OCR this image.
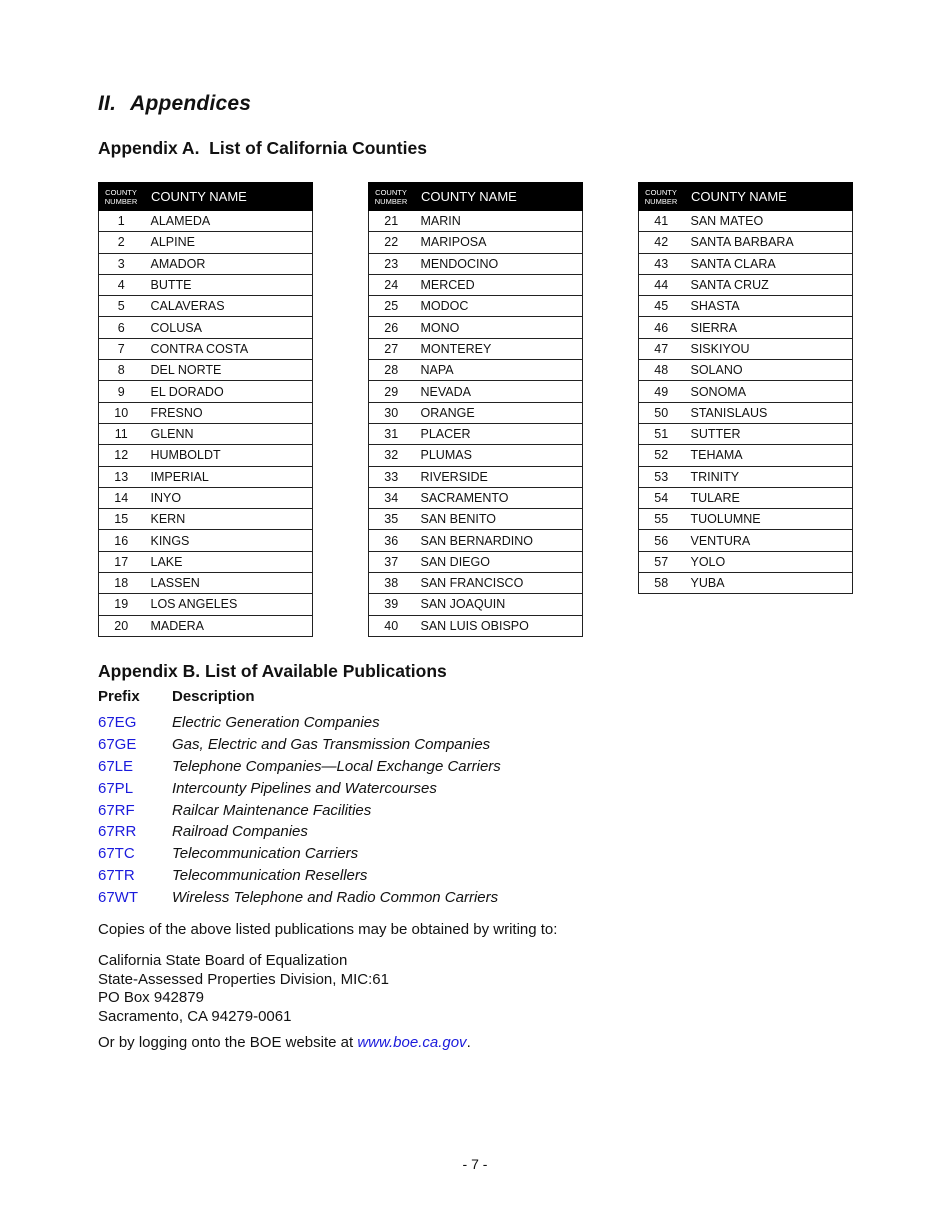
II. Appendices
Appendix A.  List of California Counties
COUNTY NUMBER	COUNTY NAME
1	ALAMEDA
2	ALPINE
3	AMADOR
4	BUTTE
5	CALAVERAS
6	COLUSA
7	CONTRA COSTA
8	DEL NORTE
9	EL DORADO
10	FRESNO
11	GLENN
12	HUMBOLDT
13	IMPERIAL
14	INYO
15	KERN
16	KINGS
17	LAKE
18	LASSEN
19	LOS ANGELES
20	MADERA
COUNTY NUMBER	COUNTY NAME
21	MARIN
22	MARIPOSA
23	MENDOCINO
24	MERCED
25	MODOC
26	MONO
27	MONTEREY
28	NAPA
29	NEVADA
30	ORANGE
31	PLACER
32	PLUMAS
33	RIVERSIDE
34	SACRAMENTO
35	SAN BENITO
36	SAN BERNARDINO
37	SAN DIEGO
38	SAN FRANCISCO
39	SAN JOAQUIN
40	SAN LUIS OBISPO
COUNTY NUMBER	COUNTY NAME
41	SAN MATEO
42	SANTA BARBARA
43	SANTA CLARA
44	SANTA CRUZ
45	SHASTA
46	SIERRA
47	SISKIYOU
48	SOLANO
49	SONOMA
50	STANISLAUS
51	SUTTER
52	TEHAMA
53	TRINITY
54	TULARE
55	TUOLUMNE
56	VENTURA
57	YOLO
58	YUBA
Appendix B. List of Available Publications
Prefix	Description
67EG	Electric Generation Companies
67GE	Gas, Electric and Gas Transmission Companies
67LE	Telephone Companies—Local Exchange Carriers
67PL	Intercounty Pipelines and Watercourses
67RF	Railcar Maintenance Facilities
67RR	Railroad Companies
67TC	Telecommunication Carriers
67TR	Telecommunication Resellers
67WT	Wireless Telephone and Radio Common Carriers

Copies of the above listed publications may be obtained by writing to:

California State Board of Equalization
State-Assessed Properties Division, MIC:61
PO Box 942879
Sacramento, CA 94279-0061

Or by logging onto the BOE website at www.boe.ca.gov.

- 7 -
